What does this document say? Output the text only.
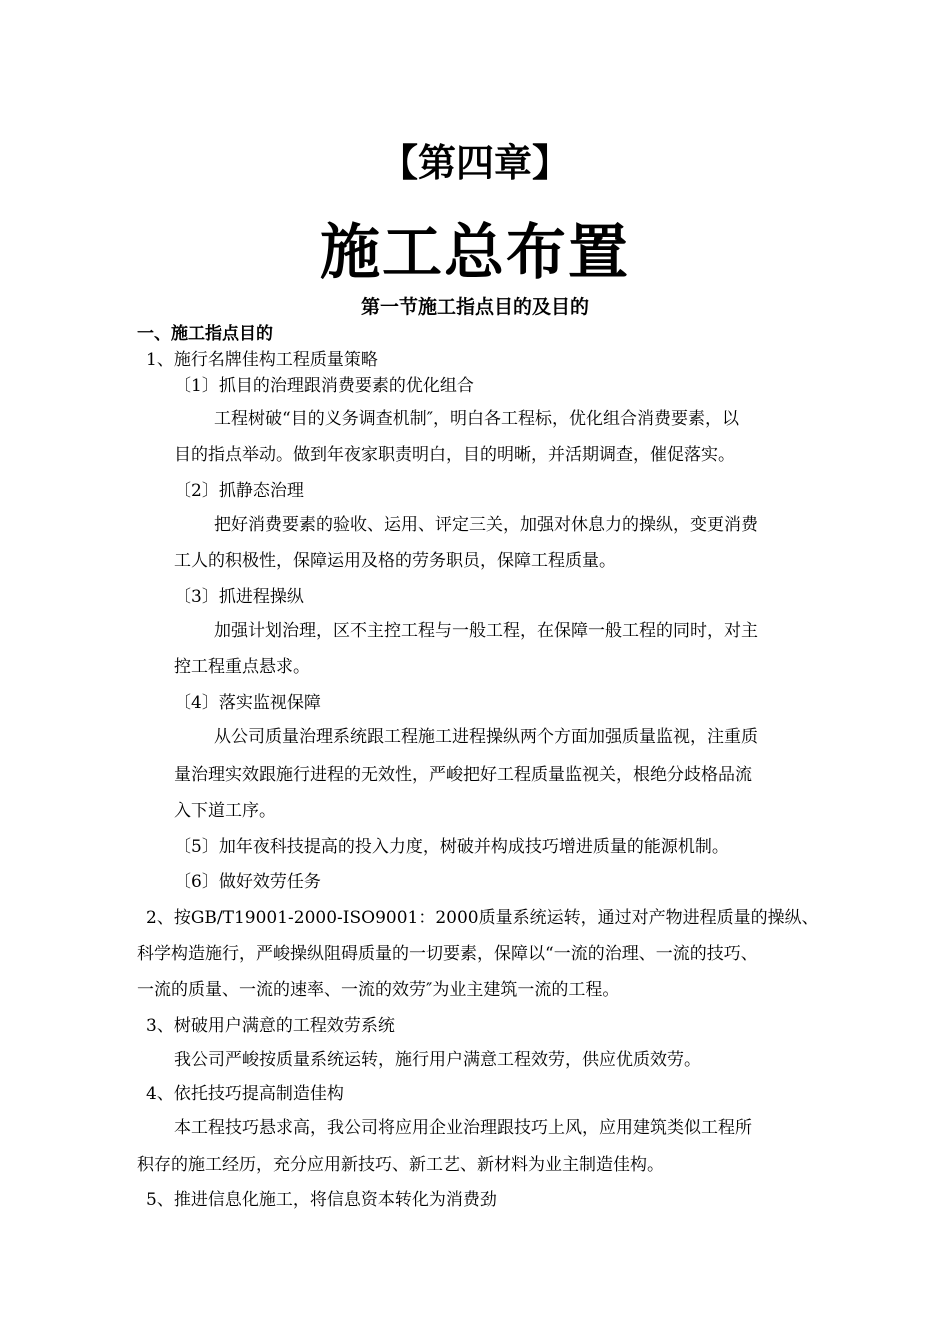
【第四章】
施工总布置
第一节施工指点目的及目的
一、施工指点目的
1、施行名牌佳构工程质量策略
〔1〕抓目的治理跟消费要素的优化组合
工程树破“目的义务调查机制″，明白各工程标，优化组合消费要素，以
目的指点举动。做到年夜家职责明白，目的明晰，并活期调查，催促落实。
〔2〕抓静态治理
把好消费要素的验收、运用、评定三关，加强对休息力的操纵，变更消费
工人的积极性，保障运用及格的劳务职员，保障工程质量。
〔3〕抓进程操纵
加强计划治理，区不主控工程与一般工程，在保障一般工程的同时，对主
控工程重点悬求。
〔4〕落实监视保障
从公司质量治理系统跟工程施工进程操纵两个方面加强质量监视，注重质
量治理实效跟施行进程的无效性，严峻把好工程质量监视关，根绝分歧格品流
入下道工序。
〔5〕加年夜科技提高的投入力度，树破并构成技巧增进质量的能源机制。
〔6〕做好效劳任务
2、按GB/T19001-2000-ISO9001：2000质量系统运转，通过对产物进程质量的操纵、
科学构造施行，严峻操纵阻碍质量的一切要素，保障以“一流的治理、一流的技巧、
一流的质量、一流的速率、一流的效劳″为业主建筑一流的工程。
3、树破用户满意的工程效劳系统
我公司严峻按质量系统运转，施行用户满意工程效劳，供应优质效劳。
4、依托技巧提高制造佳构
本工程技巧悬求高，我公司将应用企业治理跟技巧上风，应用建筑类似工程所
积存的施工经历，充分应用新技巧、新工艺、新材料为业主制造佳构。
5、推进信息化施工，将信息资本转化为消费劲
